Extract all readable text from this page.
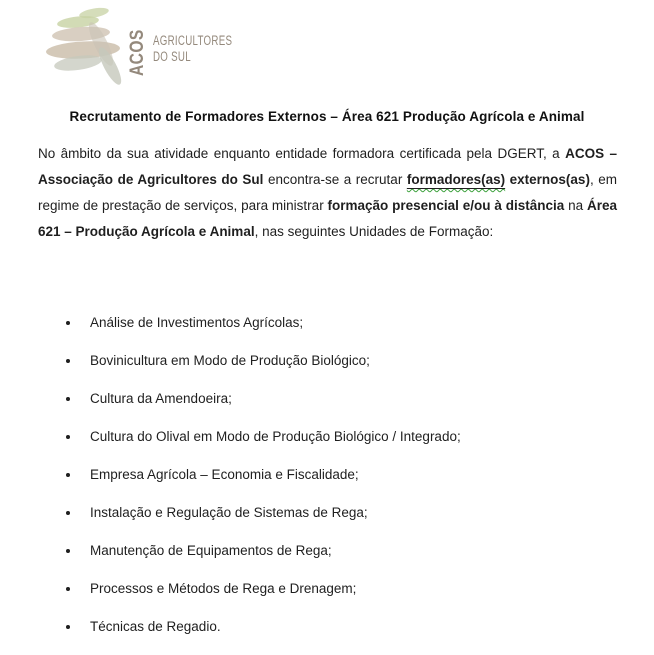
ACOS AGRICULTORES
DO SUL
Recrutamento de Formadores Externos – Área 621 Produção Agrícola e Animal

No âmbito da sua atividade enquanto entidade formadora certificada pela DGERT, a ACOS – Associação de Agricultores do Sul encontra-se a recrutar formadores(as) externos(as), em regime de prestação de serviços, para ministrar formação presencial e/ou à distância na Área 621 – Produção Agrícola e Animal, nas seguintes Unidades de Formação:

Análise de Investimentos Agrícolas;
Bovinicultura em Modo de Produção Biológico;
Cultura da Amendoeira;
Cultura do Olival em Modo de Produção Biológico / Integrado;
Empresa Agrícola – Economia e Fiscalidade;
Instalação e Regulação de Sistemas de Rega;
Manutenção de Equipamentos de Rega;
Processos e Métodos de Rega e Drenagem;
Técnicas de Regadio.
